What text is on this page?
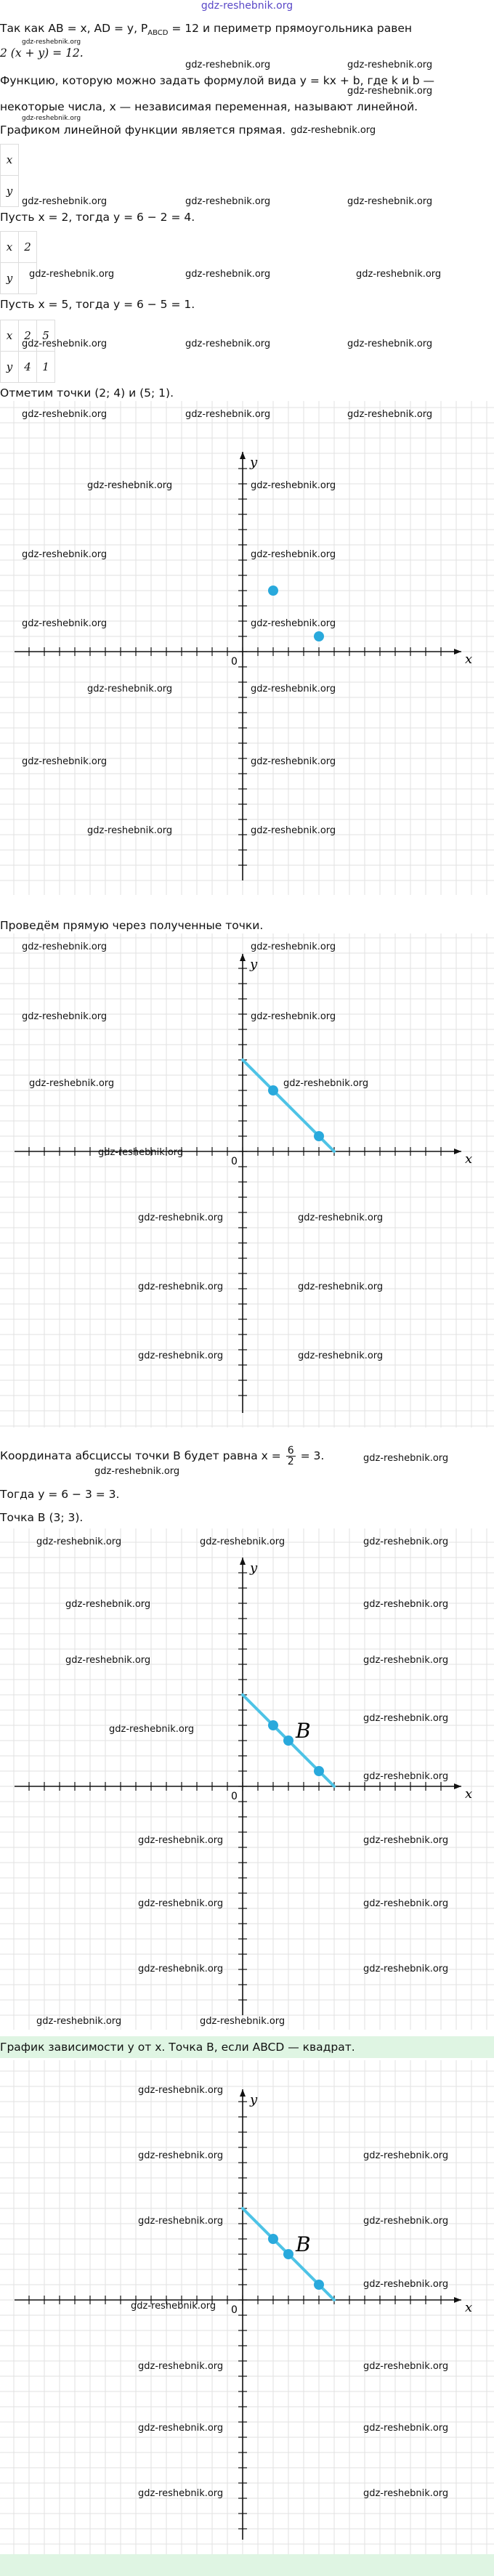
gdz-reshebnik.org
Так как AB = x, AD = y, $P_{ABCD} = 12$ и периметр прямоугольника равен
gdz-reshebnik.org
2 (x + y) = 12.
gdz-reshebnik.org	gdz-reshebnik.org
Функцию, которую можно задать формулой вида y = kx + b, где k и b —
gdz-reshebnik.org
некоторые числа, x — независимая переменная, называют линейной.
gdz-reshebnik.org
Графиком линейной функции является прямая. gdz-reshebnik.org
x
y
gdz-reshebnik.org	gdz-reshebnik.org	gdz-reshebnik.org
Пусть x = 2, тогда y = 6 − 2 = 4.
x	2
y	gdz-reshebnik.org	gdz-reshebnik.org	gdz-reshebnik.org
Пусть x = 5, тогда y = 6 − 5 = 1.
x	2	5
y	4	1
gdz-reshebnik.org	gdz-reshebnik.org	gdz-reshebnik.org
Отметим точки (2; 4) и (5; 1).
x
y
0
gdz-reshebnik.org	gdz-reshebnik.org	gdz-reshebnik.org
gdz-reshebnik.org	gdz-reshebnik.org
gdz-reshebnik.org	gdz-reshebnik.org
gdz-reshebnik.org	gdz-reshebnik.org
gdz-reshebnik.org	gdz-reshebnik.org
gdz-reshebnik.org	gdz-reshebnik.org
gdz-reshebnik.org	gdz-reshebnik.org
Проведём прямую через полученные точки.
x
y
0
gdz-reshebnik.org	gdz-reshebnik.org
gdz-reshebnik.org	gdz-reshebnik.org
gdz-reshebnik.org	gdz-reshebnik.org
gdz-reshebnik.org
gdz-reshebnik.org	gdz-reshebnik.org
gdz-reshebnik.org	gdz-reshebnik.org
gdz-reshebnik.org	gdz-reshebnik.org
Координата абсциссы точки B будет равна $x = \frac{6}{2} = 3$.	gdz-reshebnik.org
gdz-reshebnik.org
Тогда y = 6 − 3 = 3.
Точка B (3; 3).
x
y
0
B
gdz-reshebnik.org	gdz-reshebnik.org	gdz-reshebnik.org
gdz-reshebnik.org	gdz-reshebnik.org
gdz-reshebnik.org	gdz-reshebnik.org
gdz-reshebnik.org
gdz-reshebnik.org
gdz-reshebnik.org
gdz-reshebnik.org	gdz-reshebnik.org
gdz-reshebnik.org	gdz-reshebnik.org
gdz-reshebnik.org	gdz-reshebnik.org
gdz-reshebnik.org	gdz-reshebnik.org
График зависимости y от x. Точка B, если ABCD — квадрат.
x
y
0
B
gdz-reshebnik.org
gdz-reshebnik.org	gdz-reshebnik.org
gdz-reshebnik.org	gdz-reshebnik.org
gdz-reshebnik.org
gdz-reshebnik.org
gdz-reshebnik.org	gdz-reshebnik.org
gdz-reshebnik.org	gdz-reshebnik.org
gdz-reshebnik.org	gdz-reshebnik.org
